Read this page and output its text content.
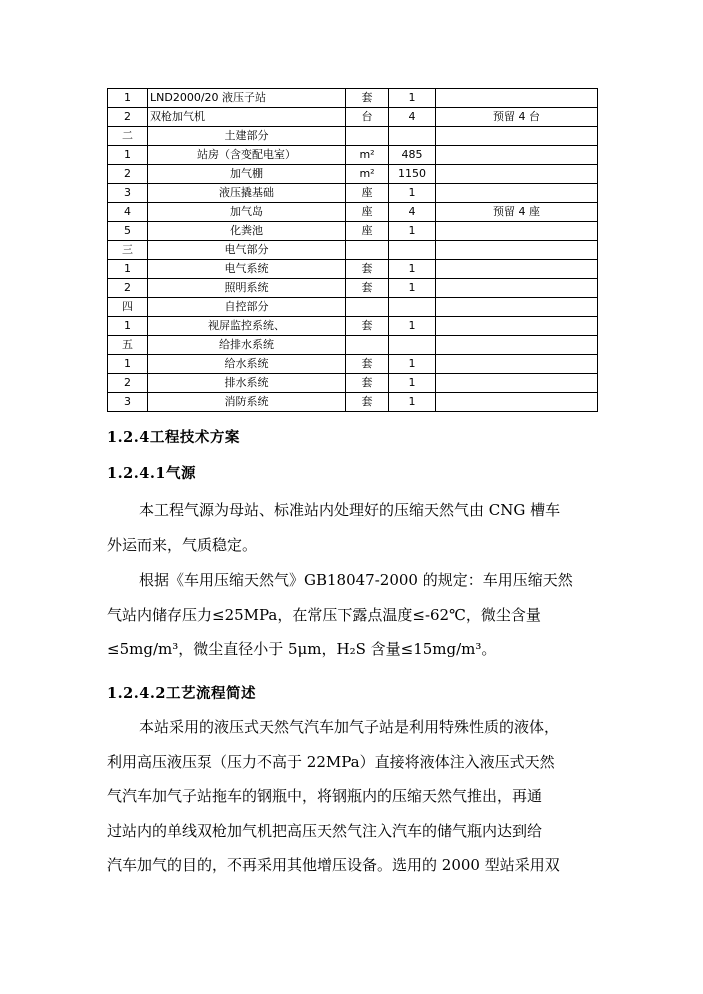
1	LND2000/20 液压子站	套	1	
2	双枪加气机	台	4	预留 4 台
二	土建部分			
1	站房（含变配电室）	m²	485	
2	加气棚	m²	1150	
3	液压撬基础	座	1	
4	加气岛	座	4	预留 4 座
5	化粪池	座	1	
三	电气部分			
1	电气系统	套	1	
2	照明系统	套	1	
四	自控部分			
1	视屏监控系统、	套	1	
五	给排水系统			
1	给水系统	套	1	
2	排水系统	套	1	
3	消防系统	套	1	
1.2.4工程技术方案
1.2.4.1气源
本工程气源为母站、标准站内处理好的压缩天然气由 CNG 槽车
外运而来，气质稳定。
根据《车用压缩天然气》GB18047-2000 的规定：车用压缩天然
气站内储存压力≤25MPa，在常压下露点温度≤-62℃，微尘含量
≤5mg/m³，微尘直径小于 5μm，H₂S 含量≤15mg/m³。
1.2.4.2工艺流程简述
本站采用的液压式天然气汽车加气子站是利用特殊性质的液体，
利用高压液压泵（压力不高于 22MPa）直接将液体注入液压式天然
气汽车加气子站拖车的钢瓶中，将钢瓶内的压缩天然气推出，再通
过站内的单线双枪加气机把高压天然气注入汽车的储气瓶内达到给
汽车加气的目的，不再采用其他增压设备。选用的 2000 型站采用双
